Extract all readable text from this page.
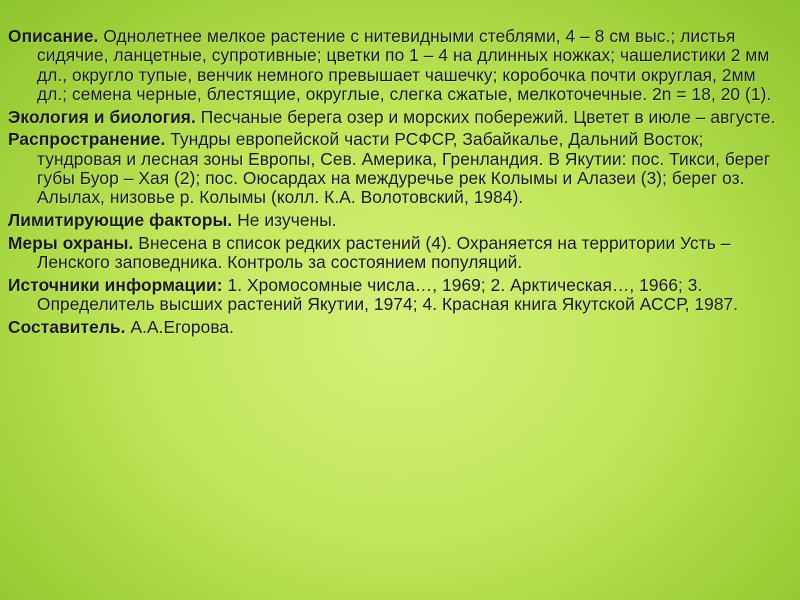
Описание. Однолетнее мелкое растение с нитевидными стеблями, 4 – 8 см выс.; листья сидячие, ланцетные, супротивные; цветки по 1 – 4 на длинных ножках; чашелистики 2 мм дл., округло тупые, венчик немного превышает чашечку; коробочка почти округлая, 2мм дл.; семена черные, блестящие, округлые, слегка сжатые, мелкоточечные. 2n = 18, 20 (1).

Экология и биология. Песчаные берега озер и морских побережий. Цветет в июле – августе.

Распространение. Тундры европейской части РСФСР, Забайкалье, Дальний Восток; тундровая и лесная зоны Европы, Сев. Америка, Гренландия. В Якутии: пос. Тикси, берег губы Буор – Хая (2); пос. Оюсардах на междуречье рек Колымы и Алазеи (3); берег оз. Алылах, низовье р. Колымы (колл. К.А. Волотовский, 1984).

Лимитирующие факторы. Не изучены.

Меры охраны. Внесена в список редких растений (4). Охраняется на территории Усть – Ленского заповедника. Контроль за состоянием популяций.

Источники информации: 1. Хромосомные числа…, 1969; 2. Арктическая…, 1966; 3. Определитель высших растений Якутии, 1974; 4. Красная книга Якутской АССР, 1987.

Составитель. А.А.Егорова.
